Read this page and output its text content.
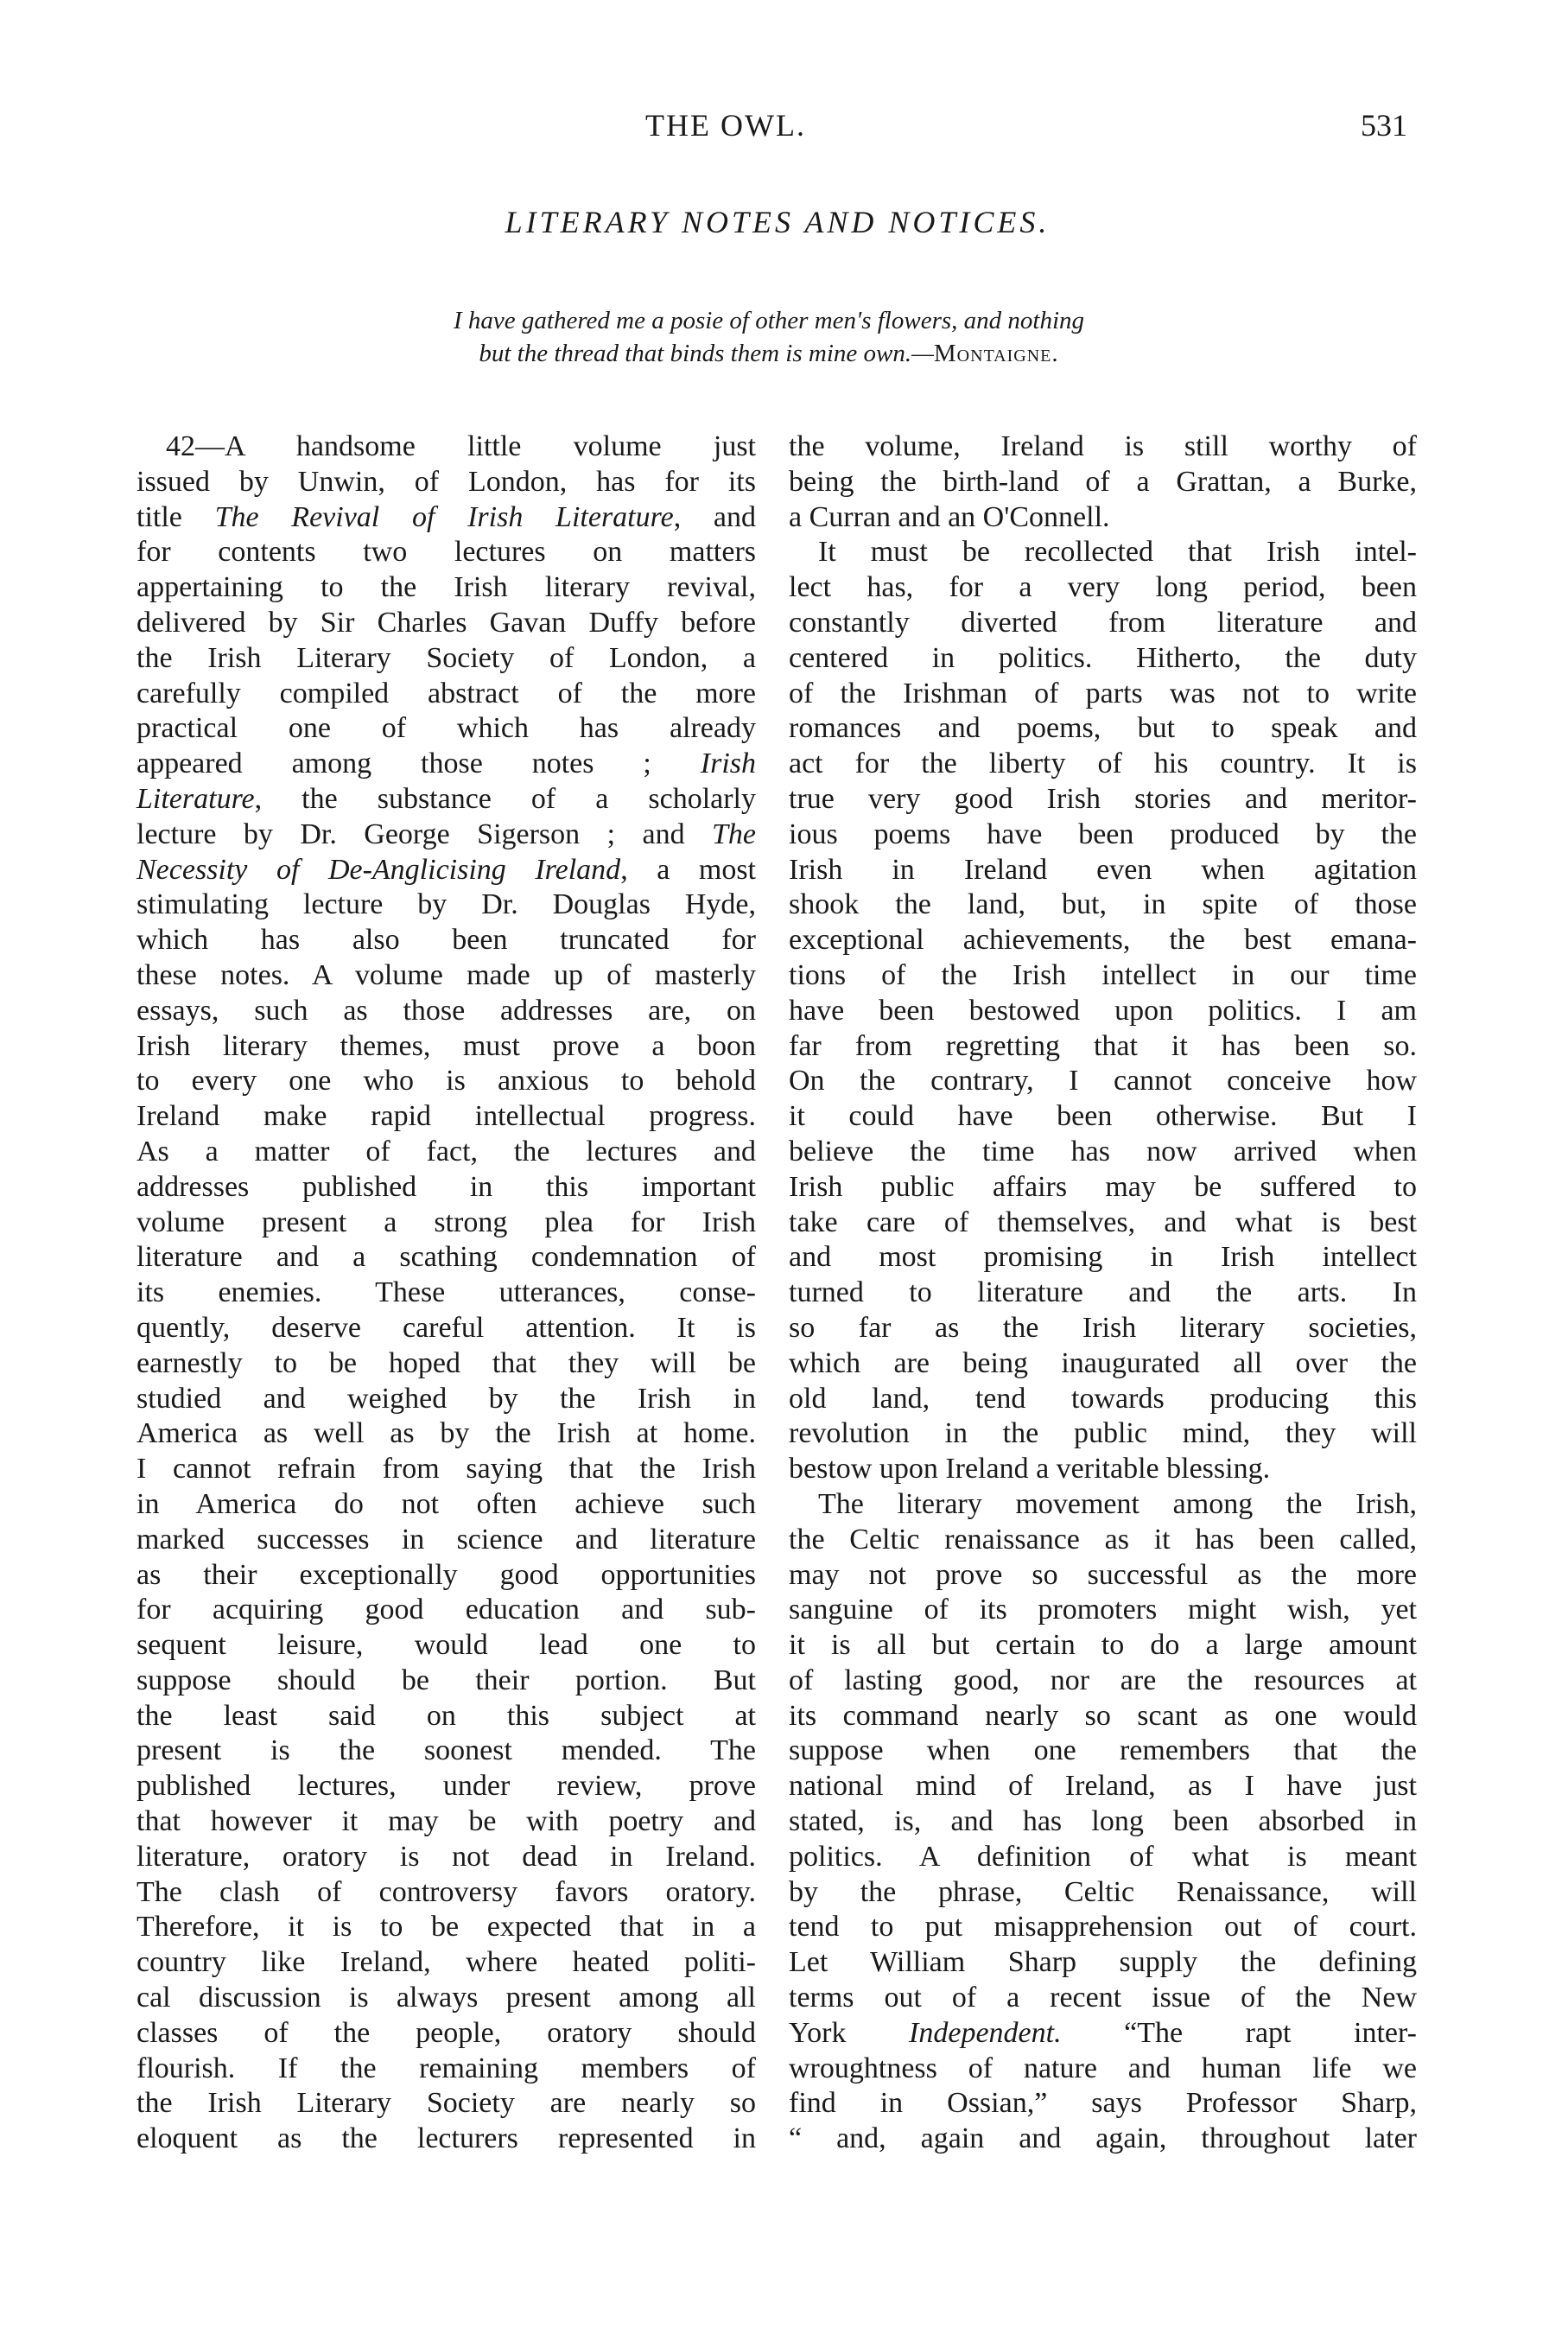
THE OWL.	531
LITERARY NOTES AND NOTICES.
I have gathered me a posie of other men's flowers, and nothing
but the thread that binds them is mine own.—Montaigne.
42—A handsome little volume just
issued by Unwin, of London, has for its
title The Revival of Irish Literature, and
for contents two lectures on matters
appertaining to the Irish literary revival,
delivered by Sir Charles Gavan Duffy before
the Irish Literary Society of London, a
carefully compiled abstract of the more
practical one of which has already
appeared among those notes ; Irish
Literature, the substance of a scholarly
lecture by Dr. George Sigerson ; and The
Necessity of De-Anglicising Ireland, a most
stimulating lecture by Dr. Douglas Hyde,
which has also been truncated for
these notes. A volume made up of masterly
essays, such as those addresses are, on
Irish literary themes, must prove a boon
to every one who is anxious to behold
Ireland make rapid intellectual progress.
As a matter of fact, the lectures and
addresses published in this important
volume present a strong plea for Irish
literature and a scathing condemnation of
its enemies. These utterances, conse-
quently, deserve careful attention. It is
earnestly to be hoped that they will be
studied and weighed by the Irish in
America as well as by the Irish at home.
I cannot refrain from saying that the Irish
in America do not often achieve such
marked successes in science and literature
as their exceptionally good opportunities
for acquiring good education and sub-
sequent leisure, would lead one to
suppose should be their portion. But
the least said on this subject at
present is the soonest mended. The
published lectures, under review, prove
that however it may be with poetry and
literature, oratory is not dead in Ireland.
The clash of controversy favors oratory.
Therefore, it is to be expected that in a
country like Ireland, where heated politi-
cal discussion is always present among all
classes of the people, oratory should
flourish. If the remaining members of
the Irish Literary Society are nearly so
eloquent as the lecturers represented in
the volume, Ireland is still worthy of
being the birth-land of a Grattan, a Burke,
a Curran and an O'Connell.
It must be recollected that Irish intel-
lect has, for a very long period, been
constantly diverted from literature and
centered in politics. Hitherto, the duty
of the Irishman of parts was not to write
romances and poems, but to speak and
act for the liberty of his country. It is
true very good Irish stories and meritor-
ious poems have been produced by the
Irish in Ireland even when agitation
shook the land, but, in spite of those
exceptional achievements, the best emana-
tions of the Irish intellect in our time
have been bestowed upon politics. I am
far from regretting that it has been so.
On the contrary, I cannot conceive how
it could have been otherwise. But I
believe the time has now arrived when
Irish public affairs may be suffered to
take care of themselves, and what is best
and most promising in Irish intellect
turned to literature and the arts. In
so far as the Irish literary societies,
which are being inaugurated all over the
old land, tend towards producing this
revolution in the public mind, they will
bestow upon Ireland a veritable blessing.
The literary movement among the Irish,
the Celtic renaissance as it has been called,
may not prove so successful as the more
sanguine of its promoters might wish, yet
it is all but certain to do a large amount
of lasting good, nor are the resources at
its command nearly so scant as one would
suppose when one remembers that the
national mind of Ireland, as I have just
stated, is, and has long been absorbed in
politics. A definition of what is meant
by the phrase, Celtic Renaissance, will
tend to put misapprehension out of court.
Let William Sharp supply the defining
terms out of a recent issue of the New
York Independent. “The rapt inter-
wroughtness of nature and human life we
find in Ossian,” says Professor Sharp,
“ and, again and again, throughout later
